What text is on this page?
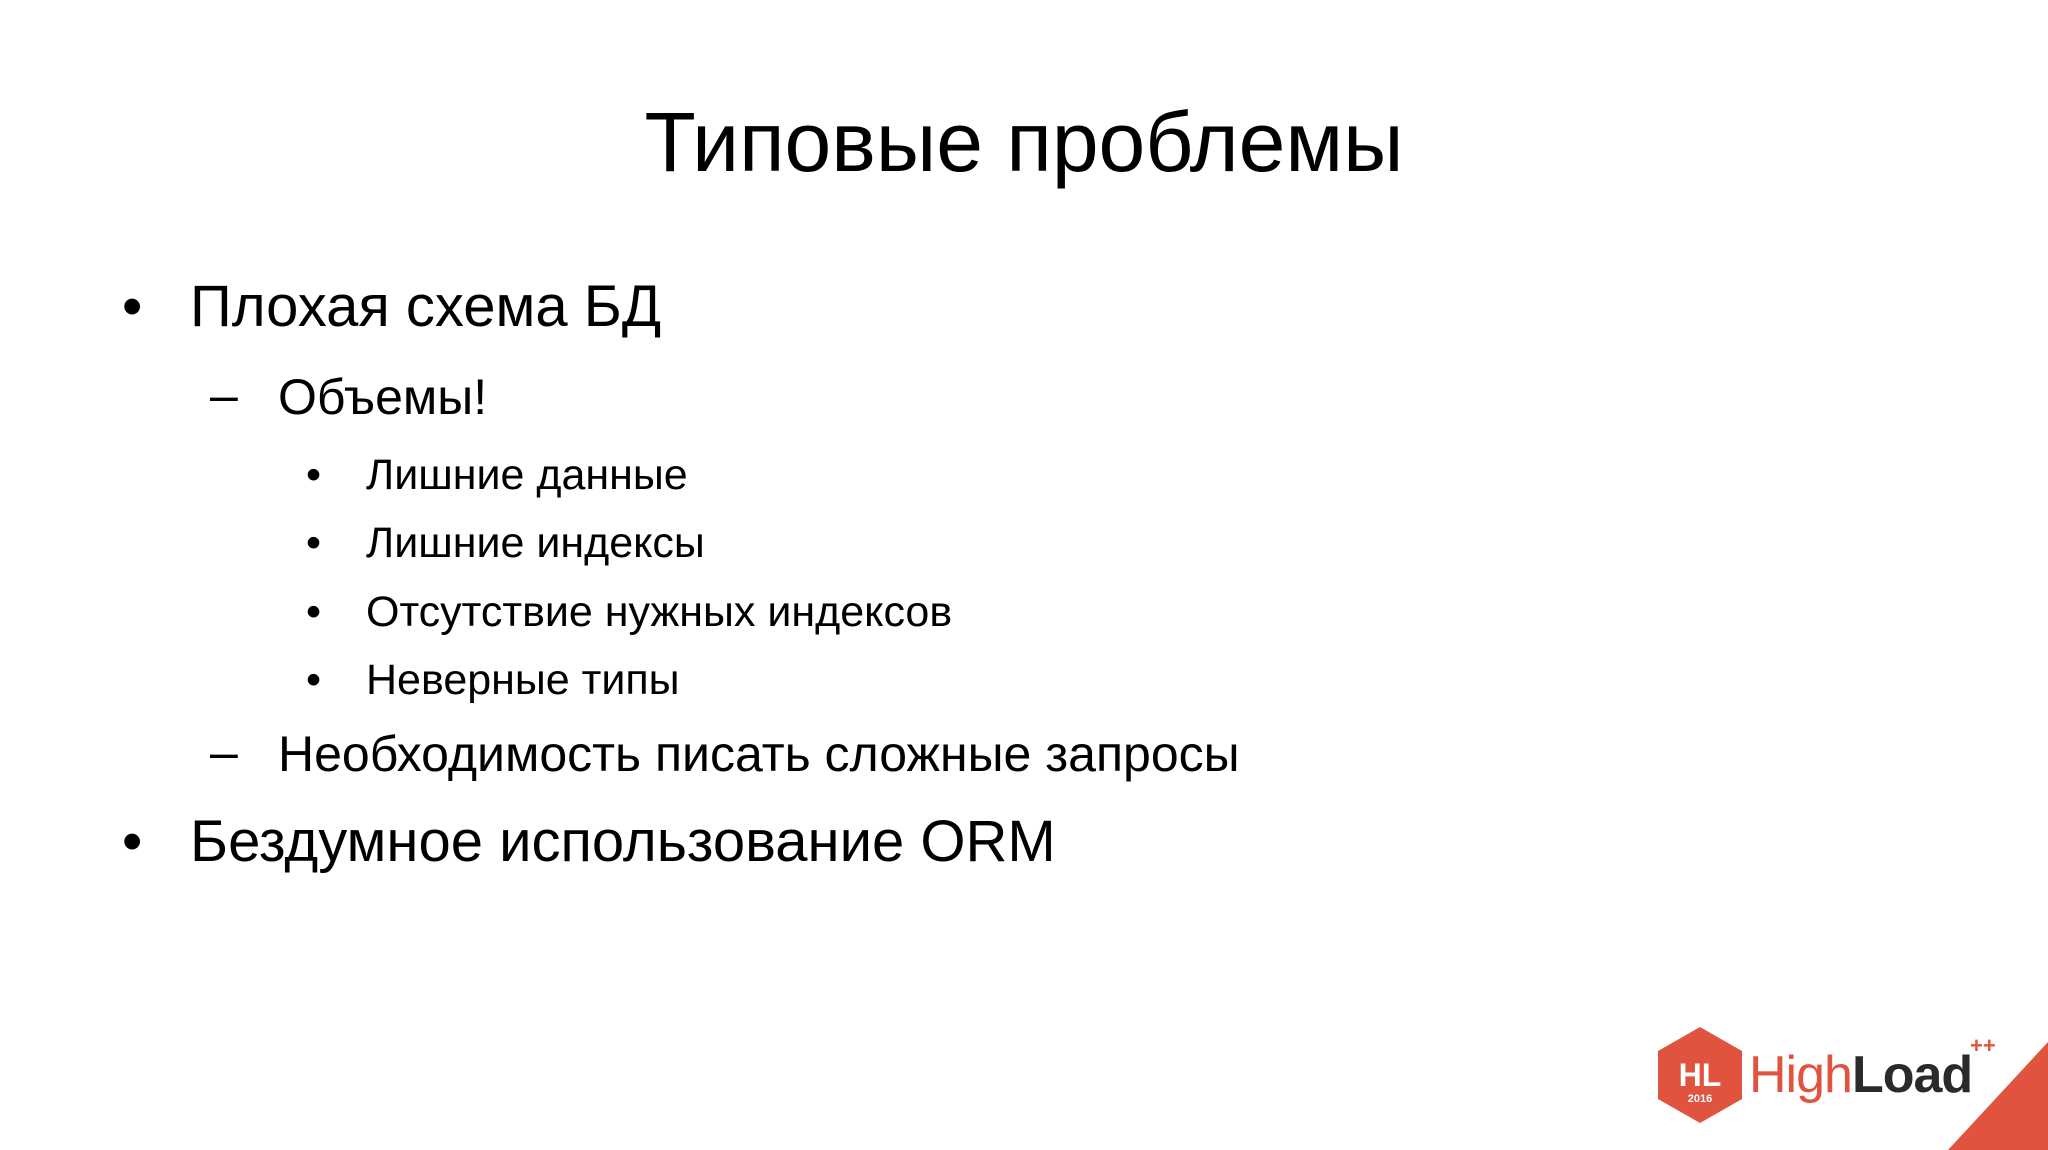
Типовые проблемы
• Плохая схема БД
– Объемы!
• Лишние данные
• Лишние индексы
• Отсутствие нужных индексов
• Неверные типы
– Необходимость писать сложные запросы
• Бездумное использование ORM
HL
2016 HighLoad
++
